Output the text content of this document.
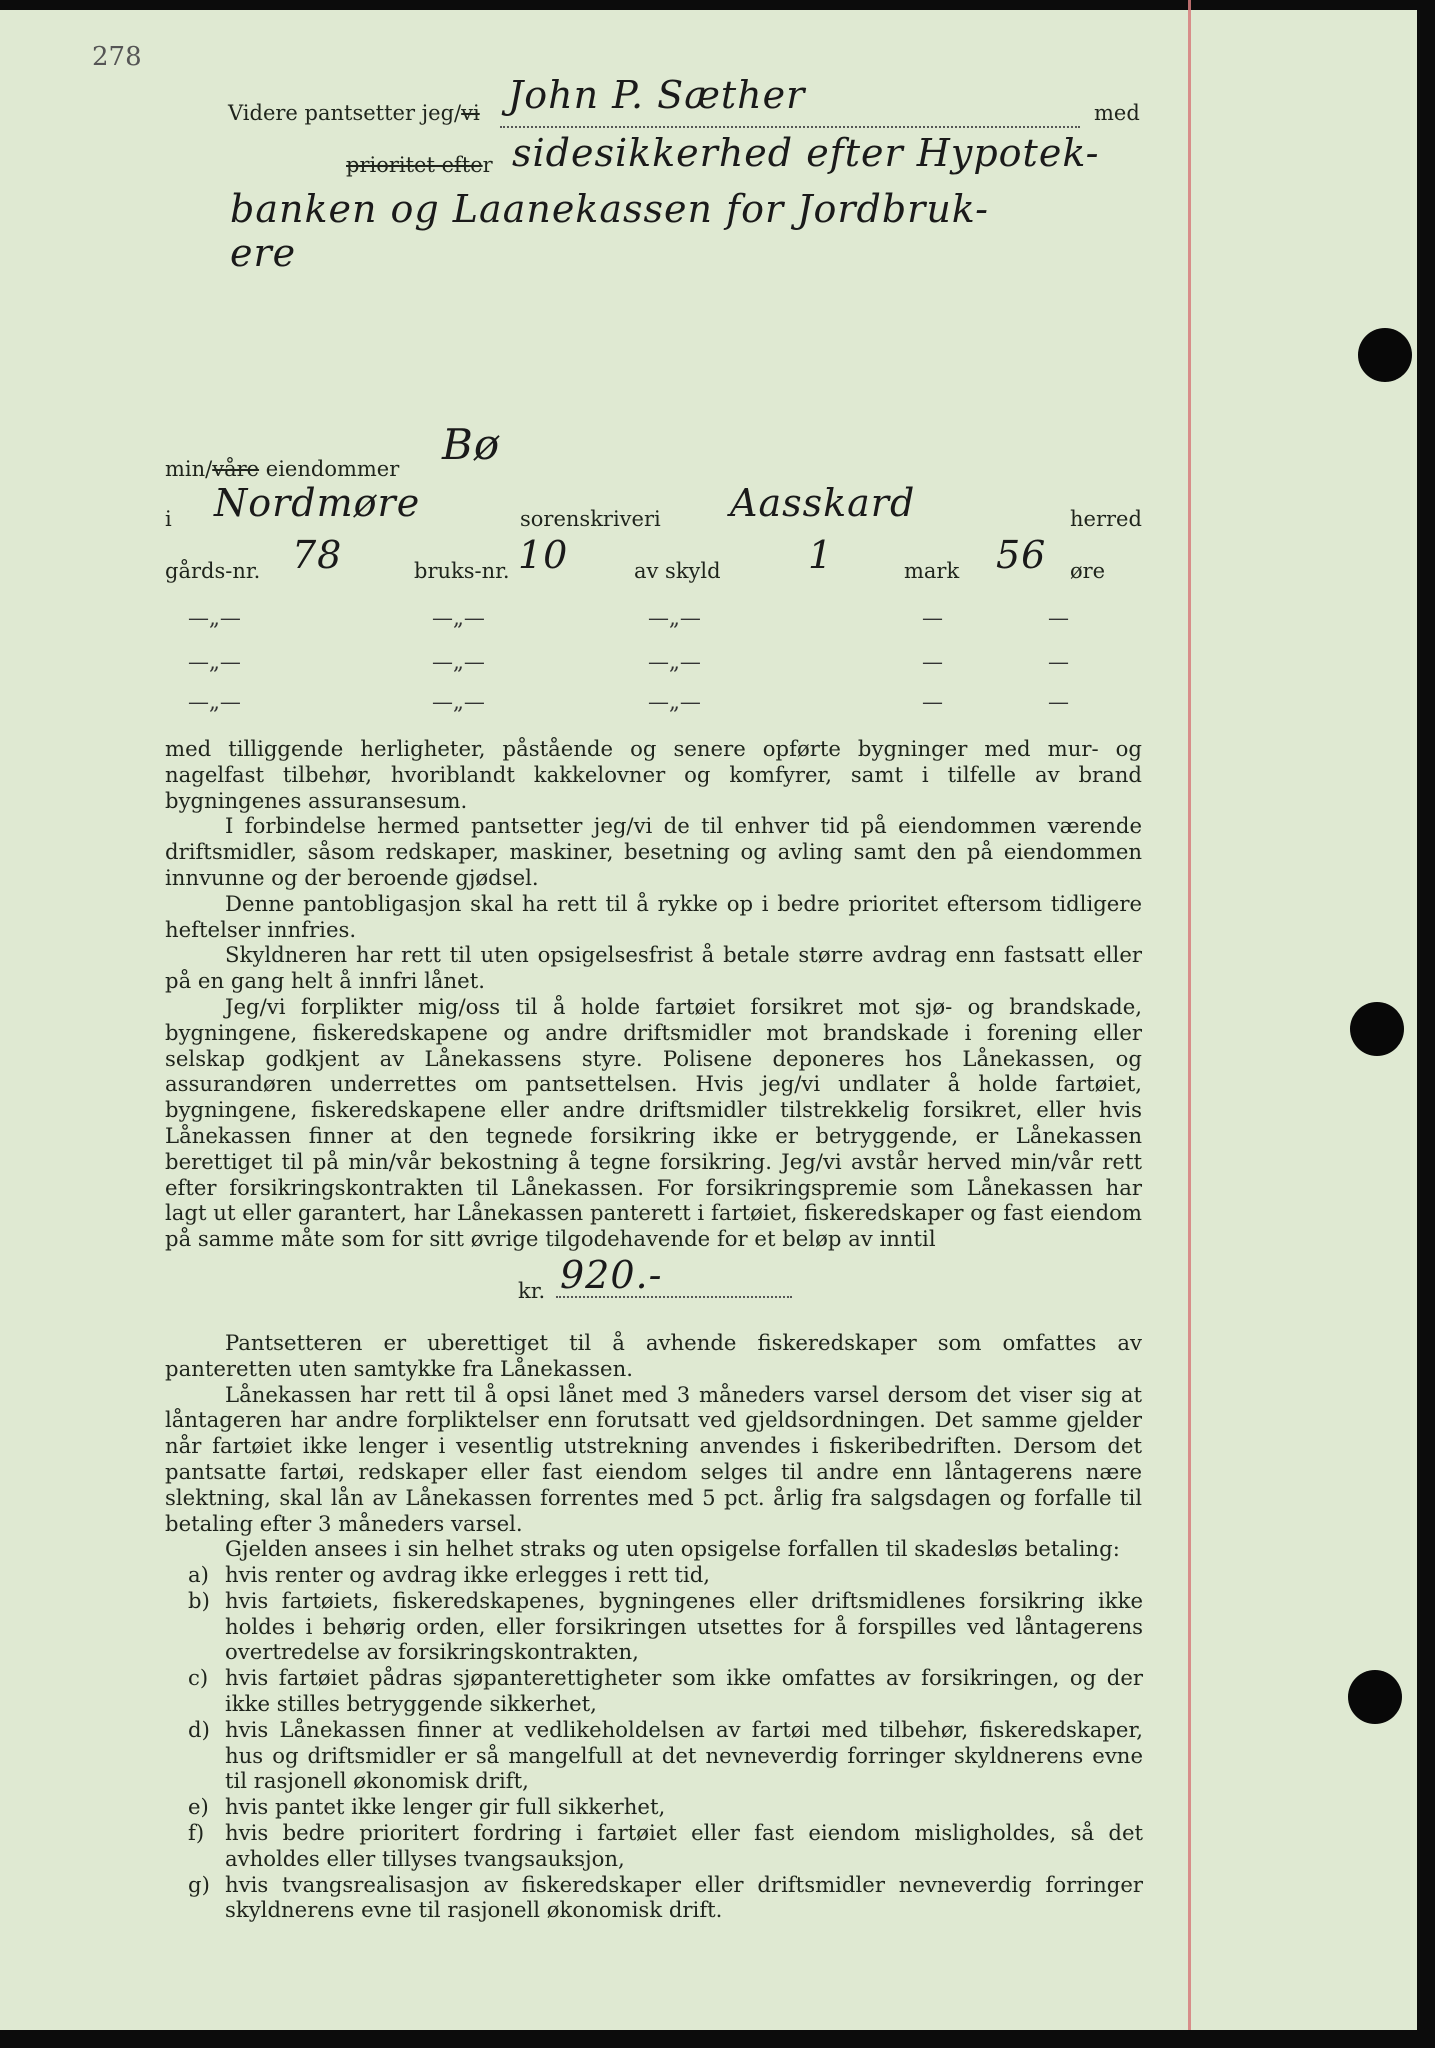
278
Videre pantsetter jeg/vi John P. Sæther	med
prioritet efter sidesikkerhed efter Hypotek-
banken og Laanekassen for Jordbruk-
ere
min/våre eiendommer Bø
i Nordmøre	sorenskriveri Aasskard	herred
gårds-nr. 78	bruks-nr. 10	av skyld 1	mark 56 øre
—„—	—„—	—„—	—	—
—„—	—„—	—„—	—	—
—„—	—„—	—„—	—	—

med tilliggende herligheter, påstående og senere opførte bygninger med mur- og nagelfast tilbehør, hvoriblandt kakkelovner og komfyrer, samt i tilfelle av brand bygningenes assuransesum.

I forbindelse hermed pantsetter jeg/vi de til enhver tid på eiendommen værende driftsmidler, såsom redskaper, maskiner, besetning og avling samt den på eiendommen innvunne og der beroende gjødsel.

Denne pantobligasjon skal ha rett til å rykke op i bedre prioritet eftersom tidligere heftelser innfries.

Skyldneren har rett til uten opsigelsesfrist å betale større avdrag enn fastsatt eller på en gang helt å innfri lånet.

Jeg/vi forplikter mig/oss til å holde fartøiet forsikret mot sjø- og brandskade, bygningene, fiskeredskapene og andre driftsmidler mot brandskade i forening eller selskap godkjent av Lånekassens styre. Polisene deponeres hos Lånekassen, og assurandøren underrettes om pantsettelsen. Hvis jeg/vi undlater å holde fartøiet, bygningene, fiskeredskapene eller andre driftsmidler tilstrekkelig forsikret, eller hvis Lånekassen finner at den tegnede forsikring ikke er betryggende, er Lånekassen berettiget til på min/vår bekostning å tegne forsikring. Jeg/vi avstår herved min/vår rett efter forsikringskontrakten til Lånekassen. For forsikringspremie som Lånekassen har lagt ut eller garantert, har Lånekassen panterett i fartøiet, fiskeredskaper og fast eiendom på samme måte som for sitt øvrige tilgodehavende for et beløp av inntil

kr. 920.-

Pantsetteren er uberettiget til å avhende fiskeredskaper som omfattes av panteretten uten samtykke fra Lånekassen.

Lånekassen har rett til å opsi lånet med 3 måneders varsel dersom det viser sig at låntageren har andre forpliktelser enn forutsatt ved gjeldsordningen. Det samme gjelder når fartøiet ikke lenger i vesentlig utstrekning anvendes i fiskeribedriften. Dersom det pantsatte fartøi, redskaper eller fast eiendom selges til andre enn låntagerens nære slektning, skal lån av Lånekassen forrentes med 5 pct. årlig fra salgsdagen og forfalle til betaling efter 3 måneders varsel.

Gjelden ansees i sin helhet straks og uten opsigelse forfallen til skadesløs betaling:

a) hvis renter og avdrag ikke erlegges i rett tid,
b) hvis fartøiets, fiskeredskapenes, bygningenes eller driftsmidlenes forsikring ikke holdes i behørig orden, eller forsikringen utsettes for å forspilles ved låntagerens overtredelse av forsikringskontrakten,
c) hvis fartøiet pådras sjøpanterettigheter som ikke omfattes av forsikringen, og der ikke stilles betryggende sikkerhet,
d) hvis Lånekassen finner at vedlikeholdelsen av fartøi med tilbehør, fiskeredskaper, hus og driftsmidler er så mangelfull at det nevneverdig forringer skyldnerens evne til rasjonell økonomisk drift,
e) hvis pantet ikke lenger gir full sikkerhet,
f) hvis bedre prioritert fordring i fartøiet eller fast eiendom misligholdes, så det avholdes eller tillyses tvangsauksjon,
g) hvis tvangsrealisasjon av fiskeredskaper eller driftsmidler nevneverdig forringer skyldnerens evne til rasjonell økonomisk drift.
